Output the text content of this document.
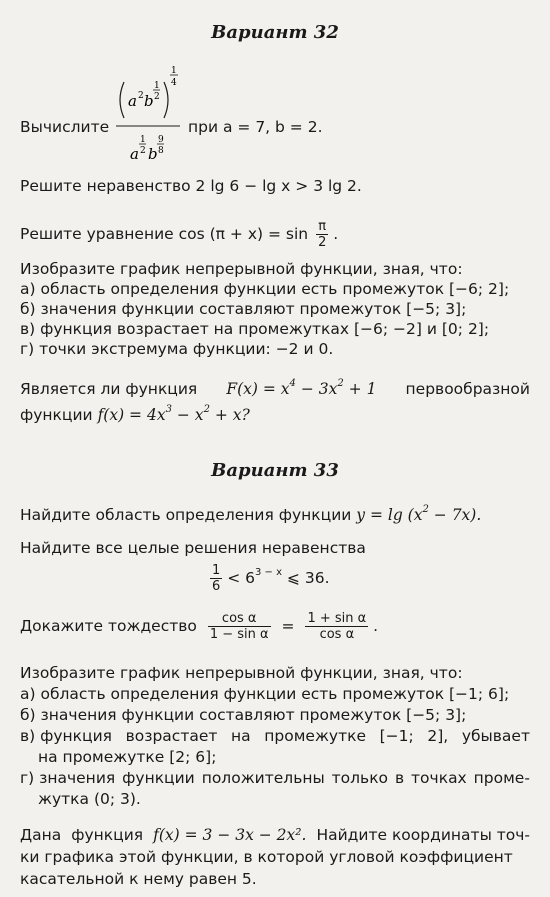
Вариант 32
Вычислите
a 2 b
1
2
1
4
a
1
2 b
9
8
при a = 7, b = 2.
Решите неравенство 2 lg 6 − lg x > 3 lg 2.
Решите уравнение $\cos (\pi + x) = \sin \frac{\pi}{2}$ .
Изобразите график непрерывной функции, зная, что:
а) область определения функции есть промежуток [−6; 2];
б) значения функции составляют промежуток [−5; 3];
в) функция возрастает на промежутках [−6; −2] и [0; 2];
г) точки экстремума функции: −2 и 0.
Является ли функция $F(x) = x^4 - 3x^2 + 1$ первообразной
функции $f(x) = 4x^3 - x^2 + x$?
Вариант 33
Найдите область определения функции $y = \lg (x^2 - 7x)$.
Найдите все целые решения неравенства
$\frac{1}{6} < 6^{3 - x}$ ⩽ 36.
Докажите тождество $\frac{\text{cos α}}{\text{1 − sin α}} = \frac{\text{1 + sin α}}{\text{cos α}}$ .
Изобразите график непрерывной функции, зная, что:
а) область определения функции есть промежуток [−1; 6];
б) значения функции составляют промежуток [−5; 3];
в) функция возрастает на промежутке [−1; 2], убывает
на промежутке [2; 6];
г) значения функции положительны только в точках проме-
жутка (0; 3).
Дана функция f(x) = 3 − 3x − 2x². Найдите координаты точ-
ки графика этой функции, в которой угловой коэффициент
касательной к нему равен 5.
